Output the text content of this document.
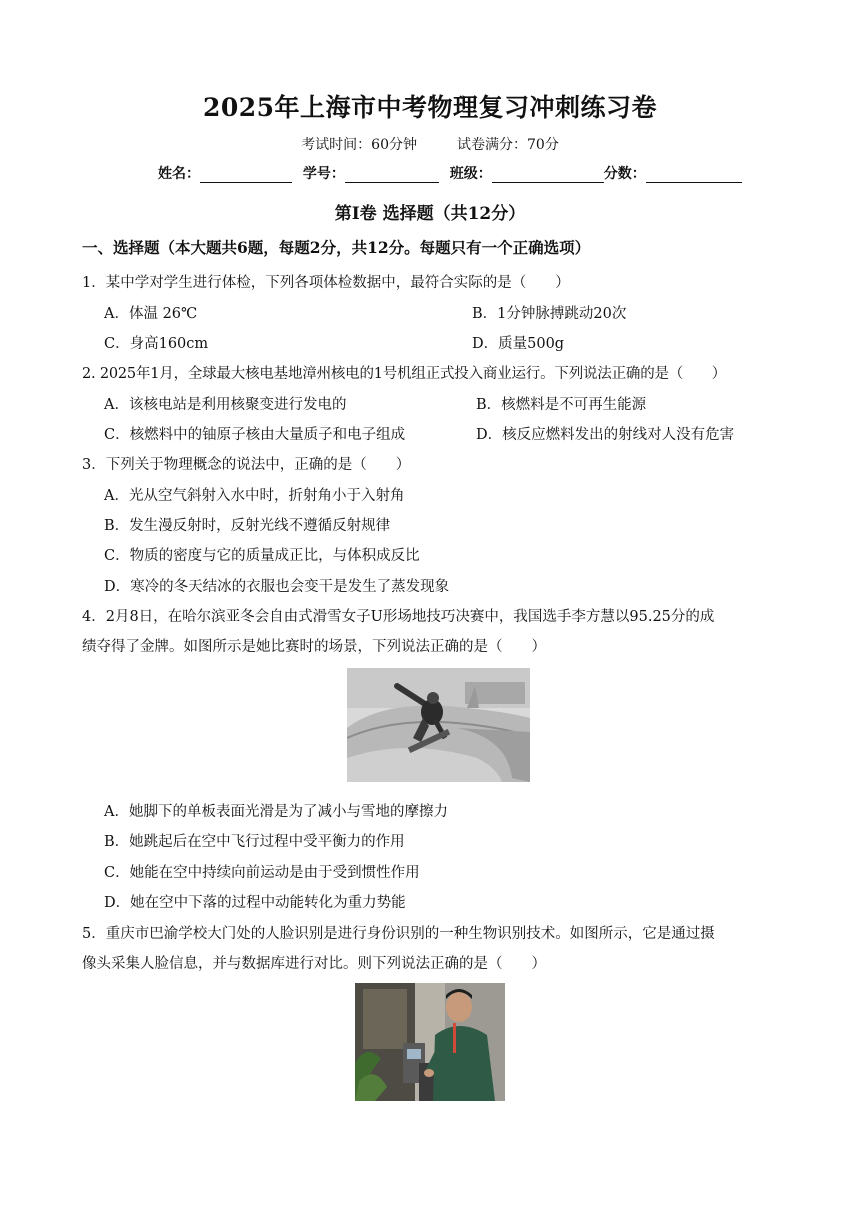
2025年上海市中考物理复习冲刺练习卷
考试时间：60分钟	试卷满分：70分
姓名：	学号：	班级：	分数：
第Ⅰ卷 选择题（共12分）
一、选择题（本大题共6题，每题2分，共12分。每题只有一个正确选项）
1．某中学对学生进行体检，下列各项体检数据中，最符合实际的是（　　）
A．体温 26℃	B．1分钟脉搏跳动20次
C．身高160cm	D．质量500g
2. 2025年1月，全球最大核电基地漳州核电的1号机组正式投入商业运行。下列说法正确的是（　　）
A．该核电站是利用核聚变进行发电的	B．核燃料是不可再生能源
C．核燃料中的铀原子核由大量质子和电子组成	D．核反应燃料发出的射线对人没有危害
3．下列关于物理概念的说法中，正确的是（　　）
A．光从空气斜射入水中时，折射角小于入射角
B．发生漫反射时，反射光线不遵循反射规律
C．物质的密度与它的质量成正比，与体积成反比
D．寒冷的冬天结冰的衣服也会变干是发生了蒸发现象
4．2月8日，在哈尔滨亚冬会自由式滑雪女子U形场地技巧决赛中，我国选手李方慧以95.25分的成
绩夺得了金牌。如图所示是她比赛时的场景，下列说法正确的是（　　）
A．她脚下的单板表面光滑是为了减小与雪地的摩擦力
B．她跳起后在空中飞行过程中受平衡力的作用
C．她能在空中持续向前运动是由于受到惯性作用
D．她在空中下落的过程中动能转化为重力势能
5．重庆市巴渝学校大门处的人脸识别是进行身份识别的一种生物识别技术。如图所示，它是通过摄
像头采集人脸信息，并与数据库进行对比。则下列说法正确的是（　　）
